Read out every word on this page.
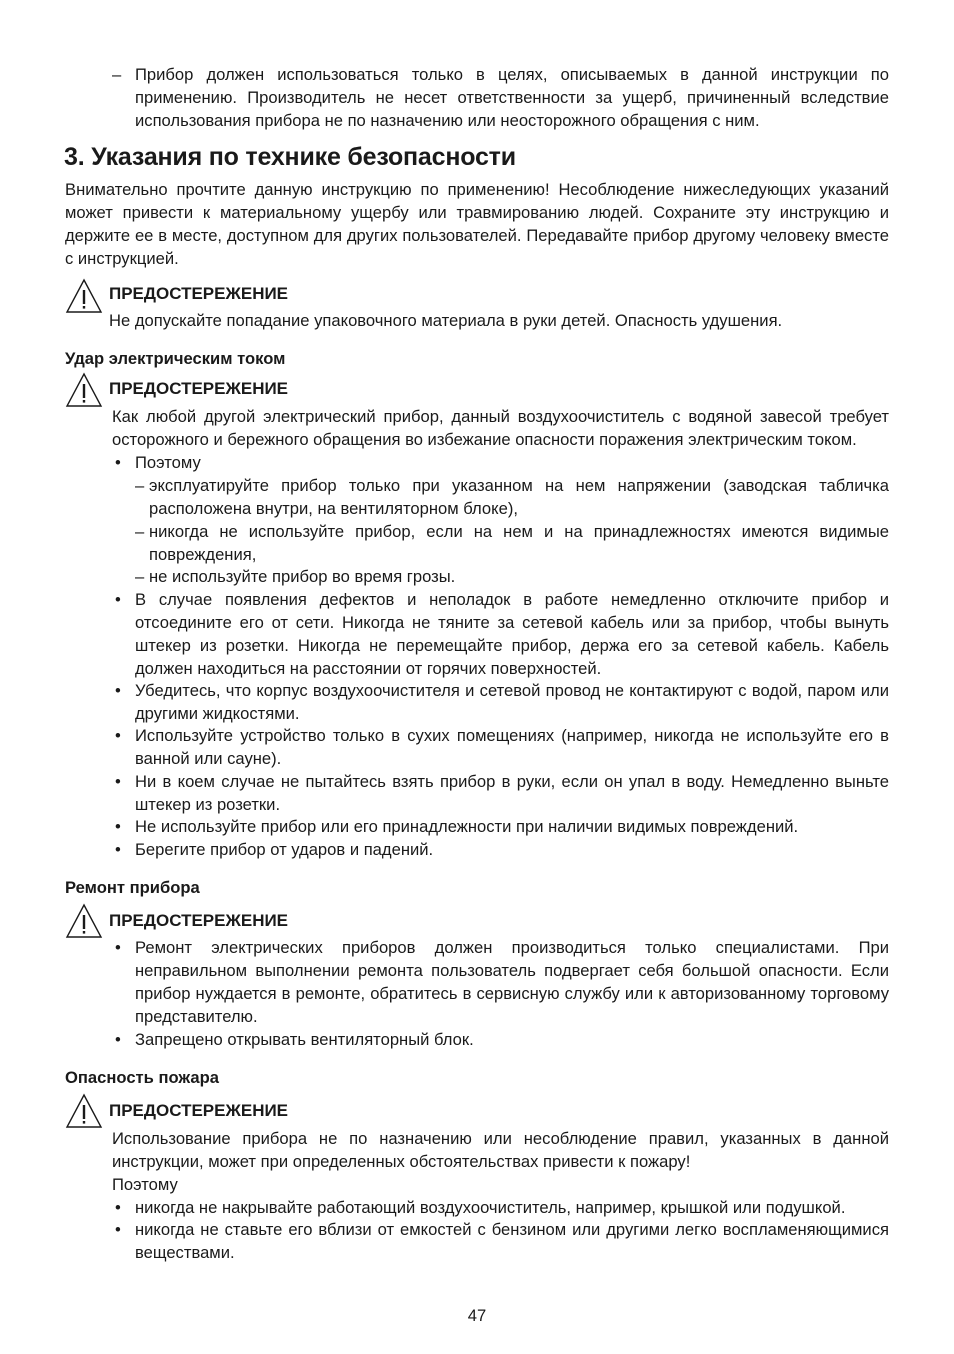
– Прибор должен использоваться только в целях, описываемых в данной инструкции по применению. Производитель не несет ответственности за ущерб, причиненный вследствие использования прибора не по назначению или неосторожного обращения с ним.

3. Указания по технике безопасности

Внимательно прочтите данную инструкцию по применению! Несоблюдение нижеследующих указаний может привести к материальному ущербу или травмированию людей. Сохраните эту инструкцию и держите ее в месте, доступном для других пользователей. Передавайте прибор другому человеку вместе с инструкцией.

ПРЕДОСТЕРЕЖЕНИЕ

Не допускайте попадание упаковочного материала в руки детей. Опасность удушения.

Удар электрическим током
ПРЕДОСТЕРЕЖЕНИЕ

Как любой другой электрический прибор, данный воздухоочиститель с водяной завесой требует осторожного и бережного обращения во избежание опасности поражения электрическим током.

• Поэтому

– эксплуатируйте прибор только при указанном на нем напряжении (заводская табличка расположена внутри, на вентиляторном блоке),

– никогда не используйте прибор, если на нем и на принадлежностях имеются видимые повреждения,

– не используйте прибор во время грозы.

• В случае появления дефектов и неполадок в работе немедленно отключите прибор и отсоедините его от сети. Никогда не тяните за сетевой кабель или за прибор, чтобы вынуть штекер из розетки. Никогда не перемещайте прибор, держа его за сетевой кабель. Кабель должен находиться на расстоянии от горячих поверхностей.

• Убедитесь, что корпус воздухоочистителя и сетевой провод не контактируют с водой, паром или другими жидкостями.

• Используйте устройство только в сухих помещениях (например, никогда не используйте его в ванной или сауне).

• Ни в коем случае не пытайтесь взять прибор в руки, если он упал в воду. Немедленно выньте штекер из розетки.

• Не используйте прибор или его принадлежности при наличии видимых повреждений.

• Берегите прибор от ударов и падений.

Ремонт прибора
ПРЕДОСТЕРЕЖЕНИЕ
• Ремонт электрических приборов должен производиться только специалистами. При неправильном выполнении ремонта пользователь подвергает себя большой опасности. Если прибор нуждается в ремонте, обратитесь в сервисную службу или к авторизованному торговому представителю.

• Запрещено открывать вентиляторный блок.

Опасность пожара
ПРЕДОСТЕРЕЖЕНИЕ

Использование прибора не по назначению или несоблюдение правил, указанных в данной инструкции, может при определенных обстоятельствах привести к пожару!

Поэтому

• никогда не накрывайте работающий воздухоочиститель, например, крышкой или подушкой.

• никогда не ставьте его вблизи от емкостей с бензином или другими легко воспламеняющимися веществами.

47
